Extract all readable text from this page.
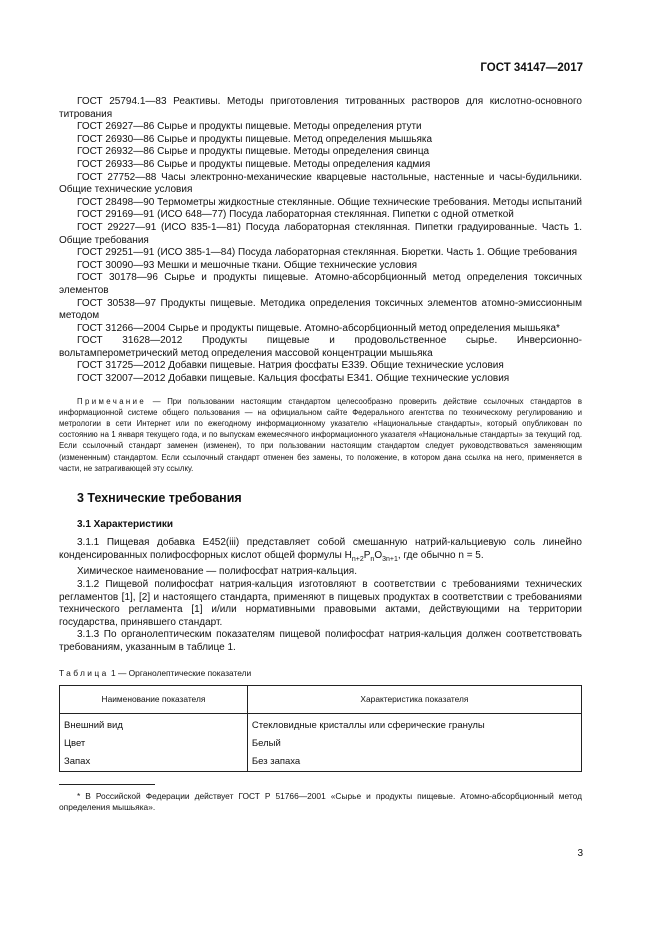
ГОСТ 34147—2017

ГОСТ 25794.1—83 Реактивы. Методы приготовления титрованных растворов для кислотно-основного титрования

ГОСТ 26927—86 Сырье и продукты пищевые. Методы определения ртути

ГОСТ 26930—86 Сырье и продукты пищевые. Метод определения мышьяка

ГОСТ 26932—86 Сырье и продукты пищевые. Методы определения свинца

ГОСТ 26933—86 Сырье и продукты пищевые. Методы определения кадмия

ГОСТ 27752—88 Часы электронно-механические кварцевые настольные, настенные и часы-будильники. Общие технические условия

ГОСТ 28498—90 Термометры жидкостные стеклянные. Общие технические требования. Методы испытаний

ГОСТ 29169—91 (ИСО 648—77) Посуда лабораторная стеклянная. Пипетки с одной отметкой

ГОСТ 29227—91 (ИСО 835-1—81) Посуда лабораторная стеклянная. Пипетки градуированные. Часть 1. Общие требования

ГОСТ 29251—91 (ИСО 385-1—84) Посуда лабораторная стеклянная. Бюретки. Часть 1. Общие требования

ГОСТ 30090—93 Мешки и мешочные ткани. Общие технические условия

ГОСТ 30178—96 Сырье и продукты пищевые. Атомно-абсорбционный метод определения токсичных элементов

ГОСТ 30538—97 Продукты пищевые. Методика определения токсичных элементов атомно-эмиссионным методом

ГОСТ 31266—2004 Сырье и продукты пищевые. Атомно-абсорбционный метод определения мышьяка*

ГОСТ 31628—2012 Продукты пищевые и продовольственное сырье. Инверсионно-вольтамперометрический метод определения массовой концентрации мышьяка

ГОСТ 31725—2012 Добавки пищевые. Натрия фосфаты E339. Общие технические условия

ГОСТ 32007—2012 Добавки пищевые. Кальция фосфаты E341. Общие технические условия

Примечание — При пользовании настоящим стандартом целесообразно проверить действие ссылочных стандартов в информационной системе общего пользования — на официальном сайте Федерального агентства по техническому регулированию и метрологии в сети Интернет или по ежегодному информационному указателю «Национальные стандарты», который опубликован по состоянию на 1 января текущего года, и по выпускам ежемесячного информационного указателя «Национальные стандарты» за текущий год. Если ссылочный стандарт заменен (изменен), то при пользовании настоящим стандартом следует руководствоваться заменяющим (измененным) стандартом. Если ссылочный стандарт отменен без замены, то положение, в котором дана ссылка на него, применяется в части, не затрагивающей эту ссылку.
3 Технические требования
3.1 Характеристики

3.1.1 Пищевая добавка E452(iii) представляет собой смешанную натрий-кальциевую соль линейно конденсированных полифосфорных кислот общей формулы $H_{n+2}P_nO_{3n+1}$, где обычно n = 5.

Химическое наименование — полифосфат натрия-кальция.

3.1.2 Пищевой полифосфат натрия-кальция изготовляют в соответствии с требованиями технических регламентов [1], [2] и настоящего стандарта, применяют в пищевых продуктах в соответствии с требованиями технического регламента [1] и/или нормативными правовыми актами, действующими на территории государства, принявшего стандарт.

3.1.3 По органолептическим показателям пищевой полифосфат натрия-кальция должен соответствовать требованиям, указанным в таблице 1.

Таблица 1 — Органолептические показатели
Наименование показателя	Характеристика показателя
Внешний вид	Стекловидные кристаллы или сферические гранулы
Цвет	Белый
Запах	Без запаха
* В Российской Федерации действует ГОСТ Р 51766—2001 «Сырье и продукты пищевые. Атомно-абсорбционный метод определения мышьяка».
3
